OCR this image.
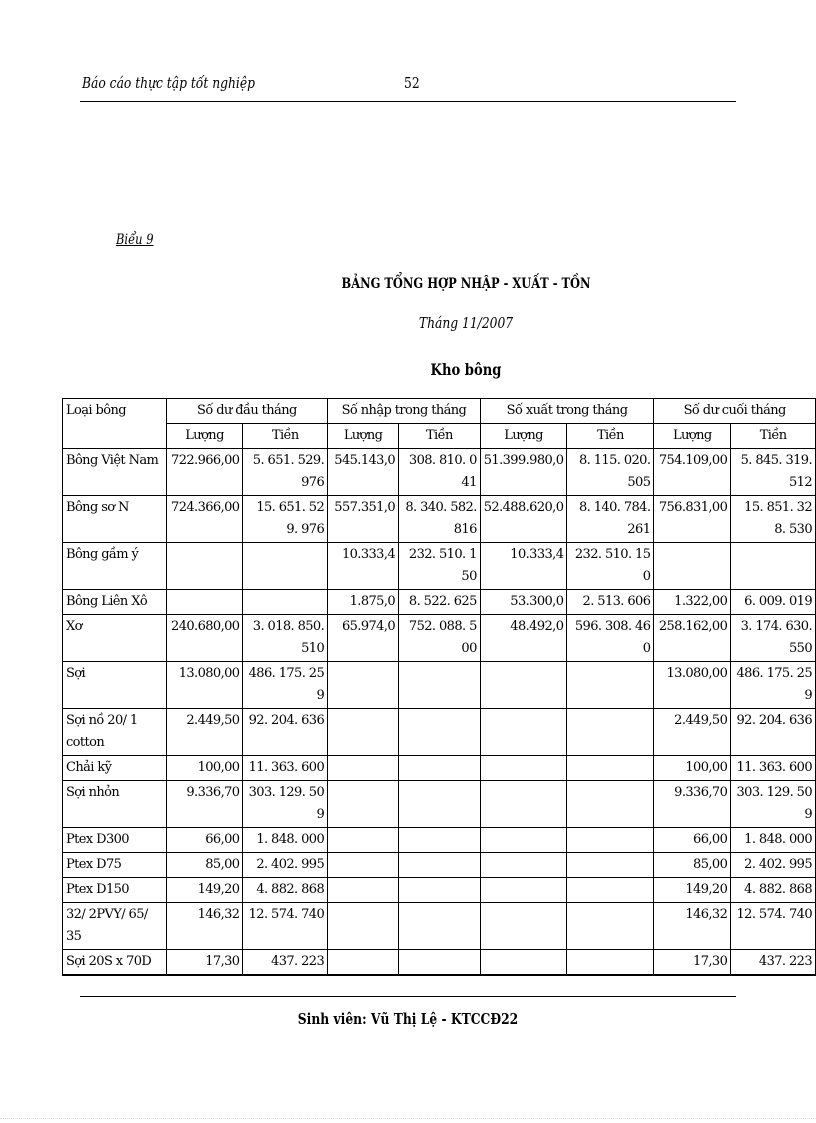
Báo cáo thực tập tốt nghiệp	52
Biểu 9
BẢNG TỔNG HỢP NHẬP - XUẤT - TỒN
Tháng 11/2007
Kho bông
Loại bông	Số dư đầu tháng		Số nhập trong tháng		Số xuất trong tháng		Số dư cuối tháng	
	Lượng	Tiền	Lượng	Tiền	Lượng	Tiền	Lượng	Tiền
Bông Việt Nam	722.966,00	5. 651. 529. 976	545.143,0	308. 810. 041	51.399.980,0	8. 115. 020. 505	754.109,00	5. 845. 319. 512
Bông sơ N	724.366,00	15. 651. 529. 976	557.351,0	8. 340. 582. 816	52.488.620,0	8. 140. 784. 261	756.831,00	15. 851. 328. 530
Bông gầm ý			10.333,4	232. 510. 150	10.333,4	232. 510. 150		
Bông Liên Xô			1.875,0	8. 522. 625	53.300,0	2. 513. 606	1.322,00	6. 009. 019
Xơ	240.680,00	3. 018. 850. 510	65.974,0	752. 088. 500	48.492,0	596. 308. 460	258.162,00	3. 174. 630. 550
Sợi	13.080,00	486. 175. 259					13.080,00	486. 175. 259
Sợi nồ 20/ 1 cotton	2.449,50	92. 204. 636					2.449,50	92. 204. 636
Chải kỹ	100,00	11. 363. 600					100,00	11. 363. 600
Sợi nhỏn	9.336,70	303. 129. 509					9.336,70	303. 129. 509
Ptex D300	66,00	1. 848. 000					66,00	1. 848. 000
Ptex D75	85,00	2. 402. 995					85,00	2. 402. 995
Ptex D150	149,20	4. 882. 868					149,20	4. 882. 868
32/ 2PVY/ 65/ 35	146,32	12. 574. 740					146,32	12. 574. 740
Sợi 20S x 70D	17,30	437. 223					17,30	437. 223
Sinh viên: Vũ Thị Lệ - KTCCĐ22
